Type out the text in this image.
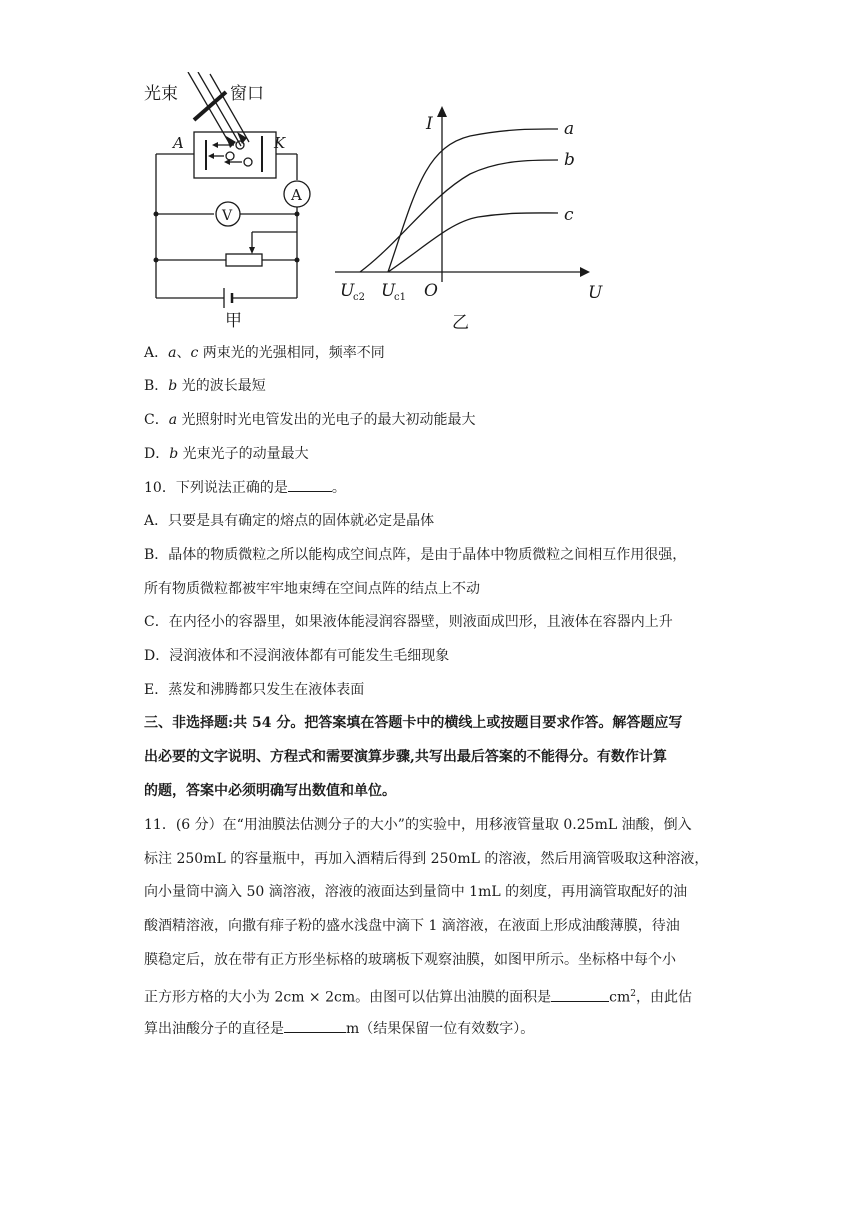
光束	窗口
A	K
A
V
甲	乙
I
U
O
U
c2 U
c1
a
b
c
A．a、c 两束光的光强相同，频率不同
B．b 光的波长最短
C．a 光照射时光电管发出的光电子的最大初动能最大
D．b 光束光子的动量最大
10．下列说法正确的是	。
A．只要是具有确定的熔点的固体就必定是晶体
B．晶体的物质微粒之所以能构成空间点阵，是由于晶体中物质微粒之间相互作用很强，
所有物质微粒都被牢牢地束缚在空间点阵的结点上不动
C．在内径小的容器里，如果液体能浸润容器壁，则液面成凹形，且液体在容器内上升
D．浸润液体和不浸润液体都有可能发生毛细现象
E．蒸发和沸腾都只发生在液体表面
三、非选择题:共 54 分。把答案填在答题卡中的横线上或按题目要求作答。解答题应写
出必要的文字说明、方程式和需要演算步骤,共写出最后答案的不能得分。有数作计算
的题，答案中必须明确写出数值和单位。
11．(6 分）在“用油膜法估测分子的大小”的实验中，用移液管量取 0.25mL 油酸，倒入
标注 250mL 的容量瓶中，再加入酒精后得到 250mL 的溶液，然后用滴管吸取这种溶液，
向小量筒中滴入 50 滴溶液，溶液的液面达到量筒中 1mL 的刻度，再用滴管取配好的油
酸酒精溶液，向撒有痱子粉的盛水浅盘中滴下 1 滴溶液，在液面上形成油酸薄膜，待油
膜稳定后，放在带有正方形坐标格的玻璃板下观察油膜，如图甲所示。坐标格中每个小
正方形方格的大小为 2cm × 2cm。由图可以估算出油膜的面积是	$cm^2$，由此估
算出油酸分子的直径是	m（结果保留一位有效数字）。
